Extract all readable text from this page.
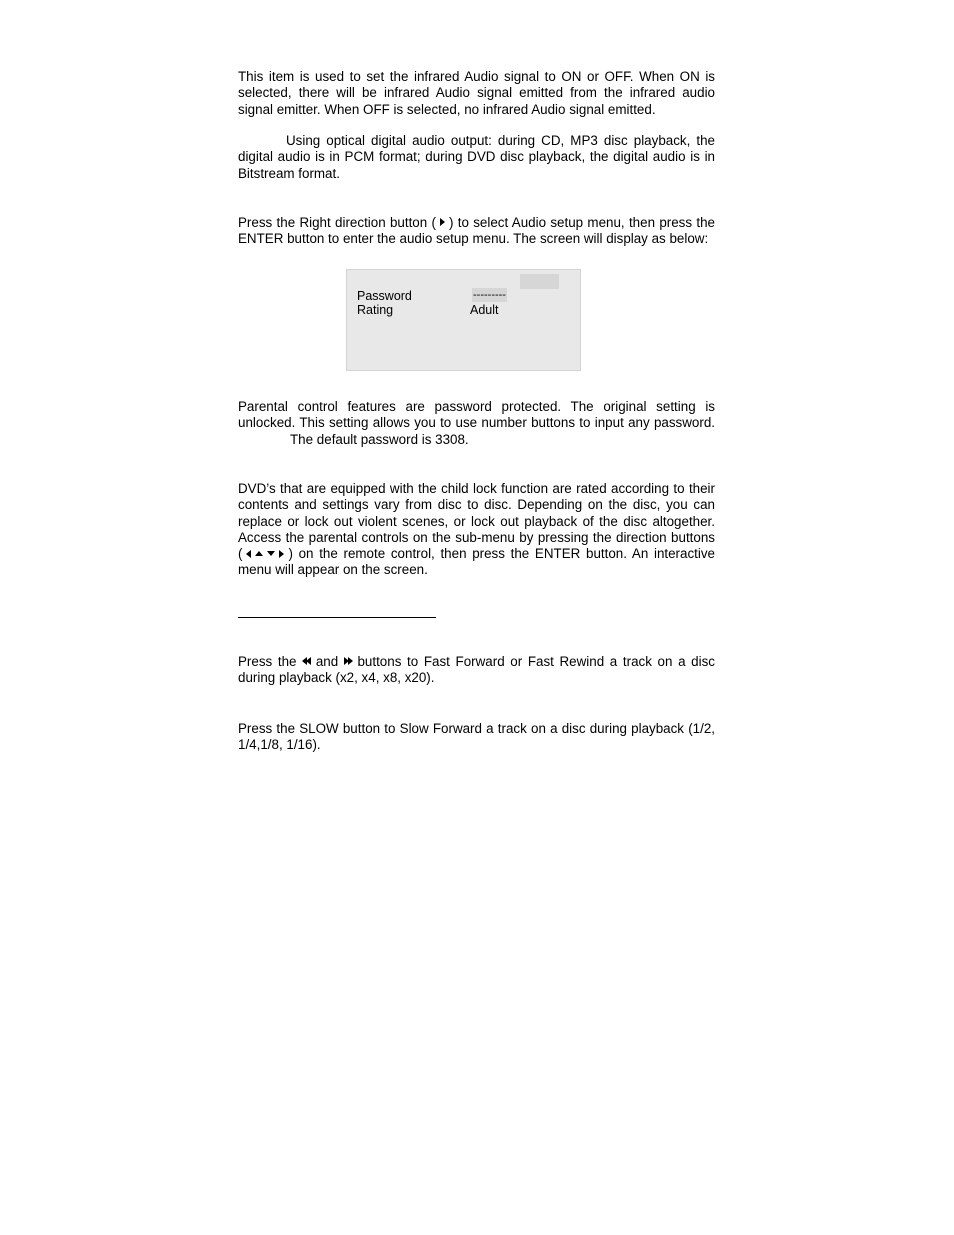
This item is used to set the infrared Audio signal to ON or OFF. When ON is selected, there will be infrared Audio signal emitted from the infrared audio signal emitter. When OFF is selected, no infrared Audio signal emitted.

Using optical digital audio output: during CD, MP3 disc playback, the digital audio is in PCM format; during DVD disc playback, the digital audio is in Bitstream format.

Press the Right direction button ( ) to select Audio setup menu, then press the ENTER button to enter the audio setup menu. The screen will display as below:

Password	---------
Rating	Adult

Parental control features are password protected. The original setting is unlocked. This setting allows you to use number buttons to input any password.The default password is 3308.

DVD’s that are equipped with the child lock function are rated according to their contents and settings vary from disc to disc. Depending on the disc, you can replace or lock out violent scenes, or lock out playback of the disc altogether. Access the parental controls on the sub-menu by pressing the direction buttons (	) on the remote control, then press the ENTER button. An interactive menu will appear on the screen.

Press the and buttons to Fast Forward or Fast Rewind a track on a disc during playback (x2, x4, x8, x20).

Press the SLOW button to Slow Forward a track on a disc during playback (1/2, 1/4,1/8, 1/16).
